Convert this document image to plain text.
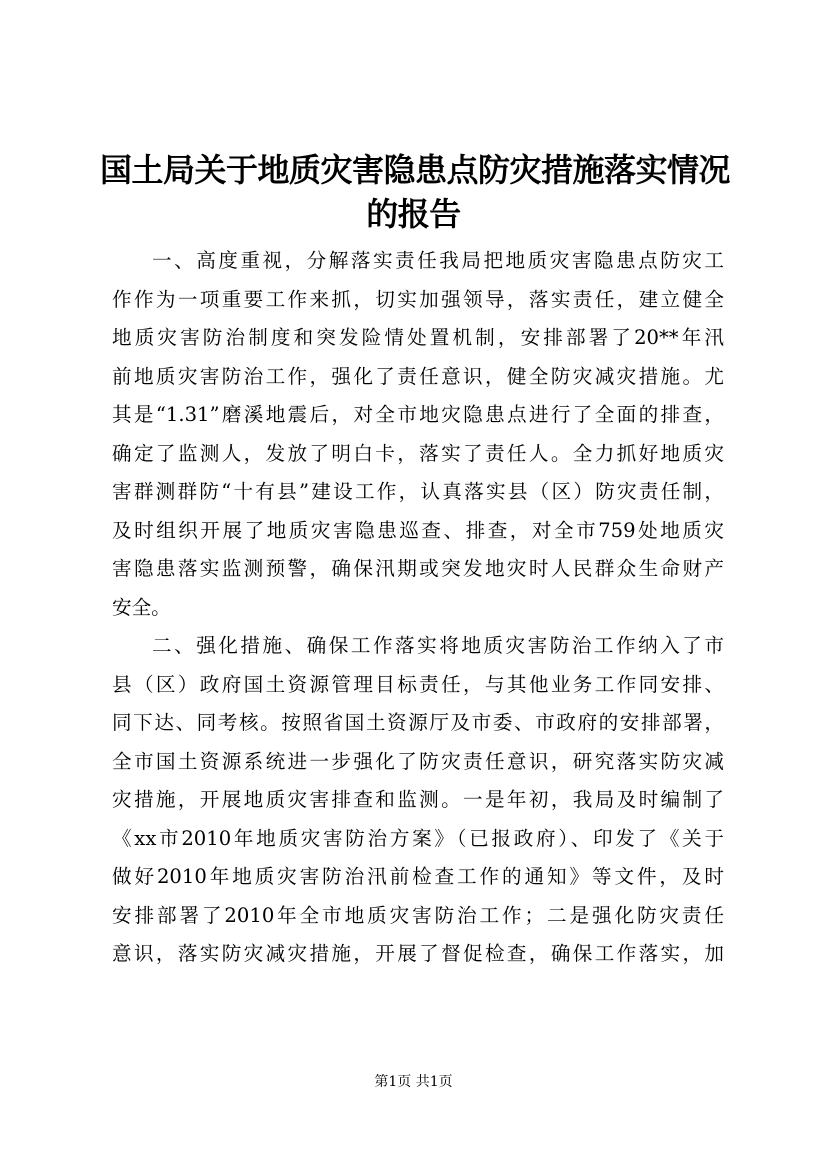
国土局关于地质灾害隐患点防灾措施落实情况
的报告

一、高度重视，分解落实责任我局把地质灾害隐患点防灾工
作作为一项重要工作来抓，切实加强领导，落实责任，建立健全
地质灾害防治制度和突发险情处置机制，安排部署了20**年汛
前地质灾害防治工作，强化了责任意识，健全防灾减灾措施。尤
其是“1.31”磨溪地震后，对全市地灾隐患点进行了全面的排查，
确定了监测人，发放了明白卡，落实了责任人。全力抓好地质灾
害群测群防“十有县”建设工作，认真落实县（区）防灾责任制，
及时组织开展了地质灾害隐患巡查、排查，对全市759处地质灾
害隐患落实监测预警，确保汛期或突发地灾时人民群众生命财产
安全。

二、强化措施、确保工作落实将地质灾害防治工作纳入了市
县（区）政府国土资源管理目标责任，与其他业务工作同安排、
同下达、同考核。按照省国土资源厅及市委、市政府的安排部署，
全市国土资源系统进一步强化了防灾责任意识，研究落实防灾减
灾措施，开展地质灾害排查和监测。一是年初，我局及时编制了
《xx市2010年地质灾害防治方案》（已报政府）、印发了《关于
做好2010年地质灾害防治汛前检查工作的通知》等文件，及时
安排部署了2010年全市地质灾害防治工作；二是强化防灾责任
意识，落实防灾减灾措施，开展了督促检查，确保工作落实，加

第1页 共1页
